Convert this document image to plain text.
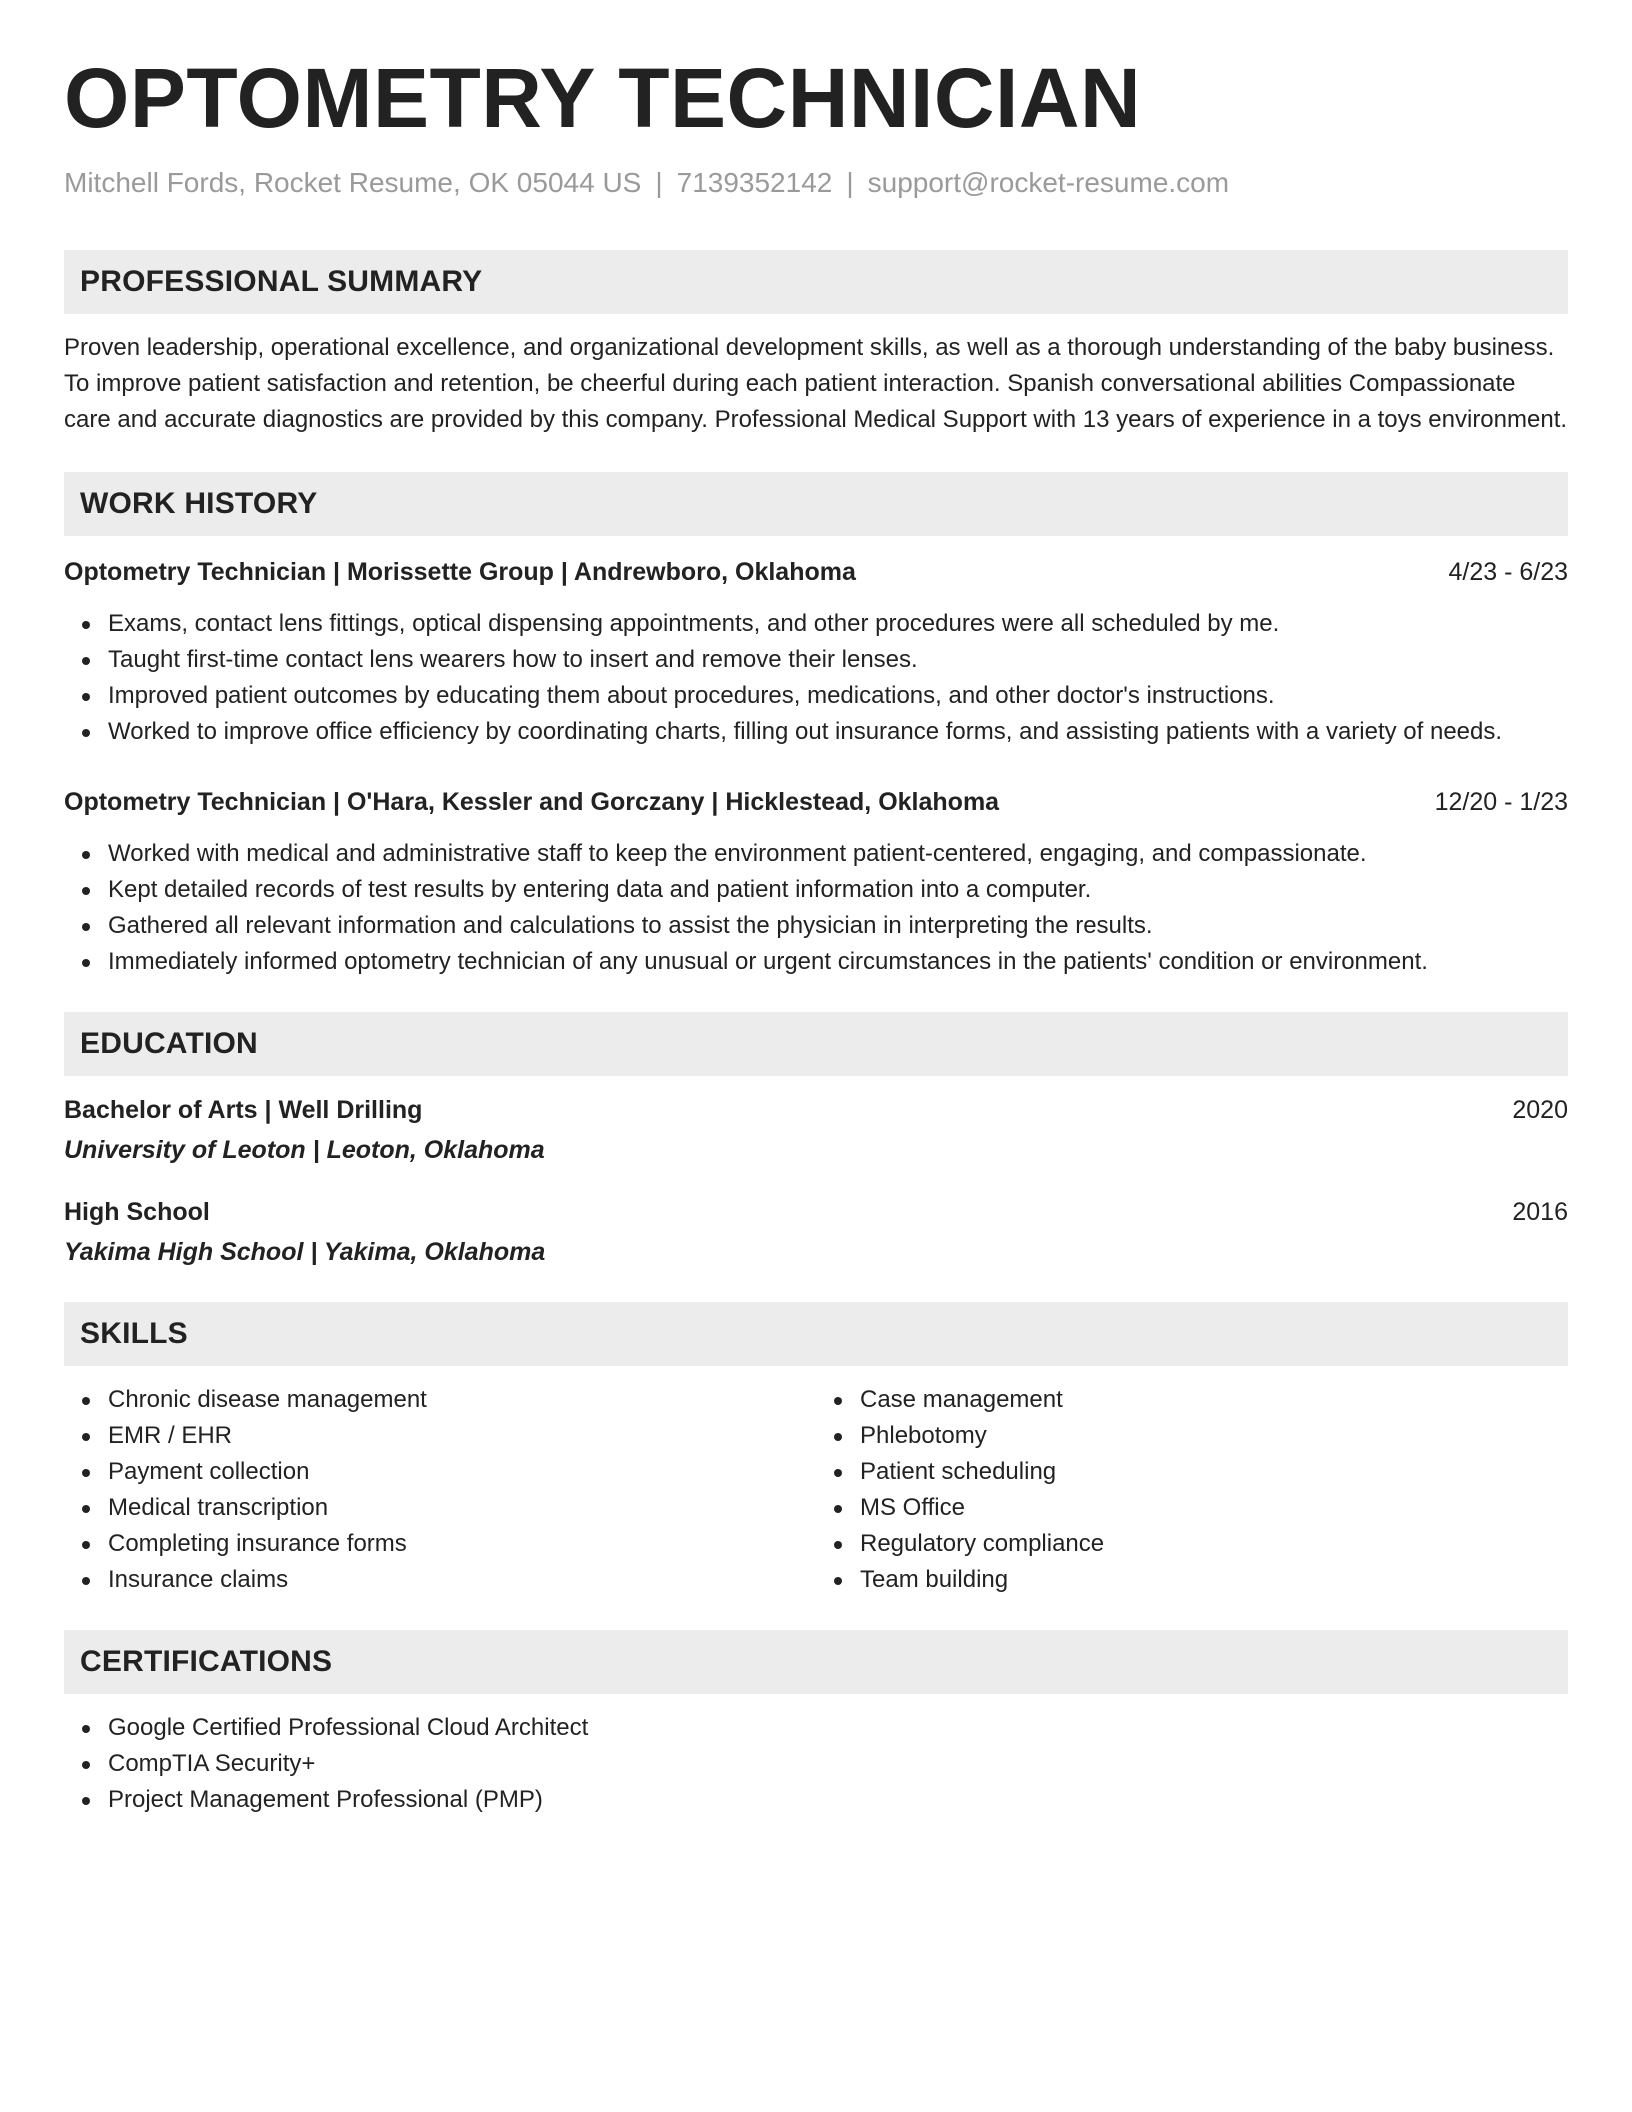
OPTOMETRY TECHNICIAN
Mitchell Fords, Rocket Resume, OK 05044 US | 7139352142 | support@rocket-resume.com
PROFESSIONAL SUMMARY
Proven leadership, operational excellence, and organizational development skills, as well as a thorough understanding of the baby business. To improve patient satisfaction and retention, be cheerful during each patient interaction. Spanish conversational abilities Compassionate care and accurate diagnostics are provided by this company. Professional Medical Support with 13 years of experience in a toys environment.
WORK HISTORY
Optometry Technician | Morissette Group | Andrewboro, Oklahoma	4/23 - 6/23
Exams, contact lens fittings, optical dispensing appointments, and other procedures were all scheduled by me.
Taught first-time contact lens wearers how to insert and remove their lenses.
Improved patient outcomes by educating them about procedures, medications, and other doctor's instructions.
Worked to improve office efficiency by coordinating charts, filling out insurance forms, and assisting patients with a variety of needs.
Optometry Technician | O'Hara, Kessler and Gorczany | Hicklestead, Oklahoma	12/20 - 1/23
Worked with medical and administrative staff to keep the environment patient-centered, engaging, and compassionate.
Kept detailed records of test results by entering data and patient information into a computer.
Gathered all relevant information and calculations to assist the physician in interpreting the results.
Immediately informed optometry technician of any unusual or urgent circumstances in the patients' condition or environment.
EDUCATION
Bachelor of Arts | Well Drilling	2020
University of Leoton | Leoton, Oklahoma
High School	2016
Yakima High School | Yakima, Oklahoma
SKILLS
Chronic disease management
EMR / EHR
Payment collection
Medical transcription
Completing insurance forms
Insurance claims
Case management
Phlebotomy
Patient scheduling
MS Office
Regulatory compliance
Team building
CERTIFICATIONS
Google Certified Professional Cloud Architect
CompTIA Security+
Project Management Professional (PMP)
